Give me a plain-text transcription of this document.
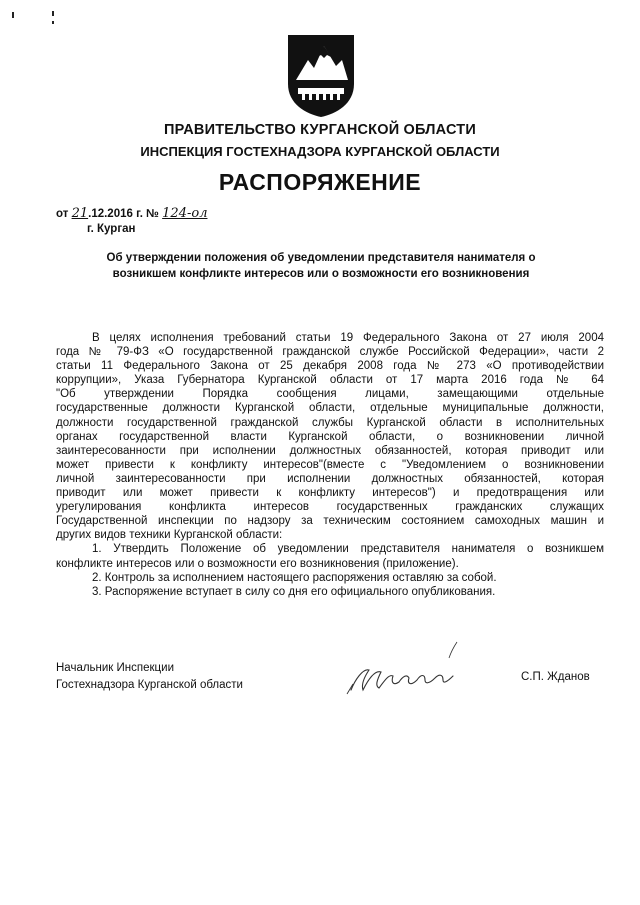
ПРАВИТЕЛЬСТВО КУРГАНСКОЙ ОБЛАСТИ
ИНСПЕКЦИЯ ГОСТЕХНАДЗОРА КУРГАНСКОЙ ОБЛАСТИ
РАСПОРЯЖЕНИЕ
от 21.12.2016 г. № 124-ол
г. Курган
Об утверждении положения об уведомлении представителя нанимателя о
возникшем конфликте интересов или о возможности его возникновения
В целях исполнения требований статьи 19 Федерального Закона от 27 июля 2004
года № 79-ФЗ «О государственной гражданской службе Российской Федерации», части 2
статьи 11 Федерального Закона от 25 декабря 2008 года № 273 «О противодействии
коррупции», Указа Губернатора Курганской области от 17 марта 2016 года № 64
"Об утверждении Порядка сообщения лицами, замещающими отдельные
государственные должности Курганской области, отдельные муниципальные должности,
должности государственной гражданской службы Курганской области в исполнительных
органах государственной власти Курганской области, о возникновении личной
заинтересованности при исполнении должностных обязанностей, которая приводит или
может привести к конфликту интересов"(вместе с "Уведомлением о возникновении
личной заинтересованности при исполнении должностных обязанностей, которая
приводит или может привести к конфликту интересов") и предотвращения или
урегулирования конфликта интересов государственных гражданских служащих
Государственной инспекции по надзору за техническим состоянием самоходных машин и
других видов техники Курганской области:
1. Утвердить Положение об уведомлении представителя нанимателя о возникшем
конфликте интересов или о возможности его возникновения (приложение).
2. Контроль за исполнением настоящего распоряжения оставляю за собой.
3. Распоряжение вступает в силу со дня его официального опубликования.
Начальник Инспекции
Гостехнадзора Курганской области
С.П. Жданов
